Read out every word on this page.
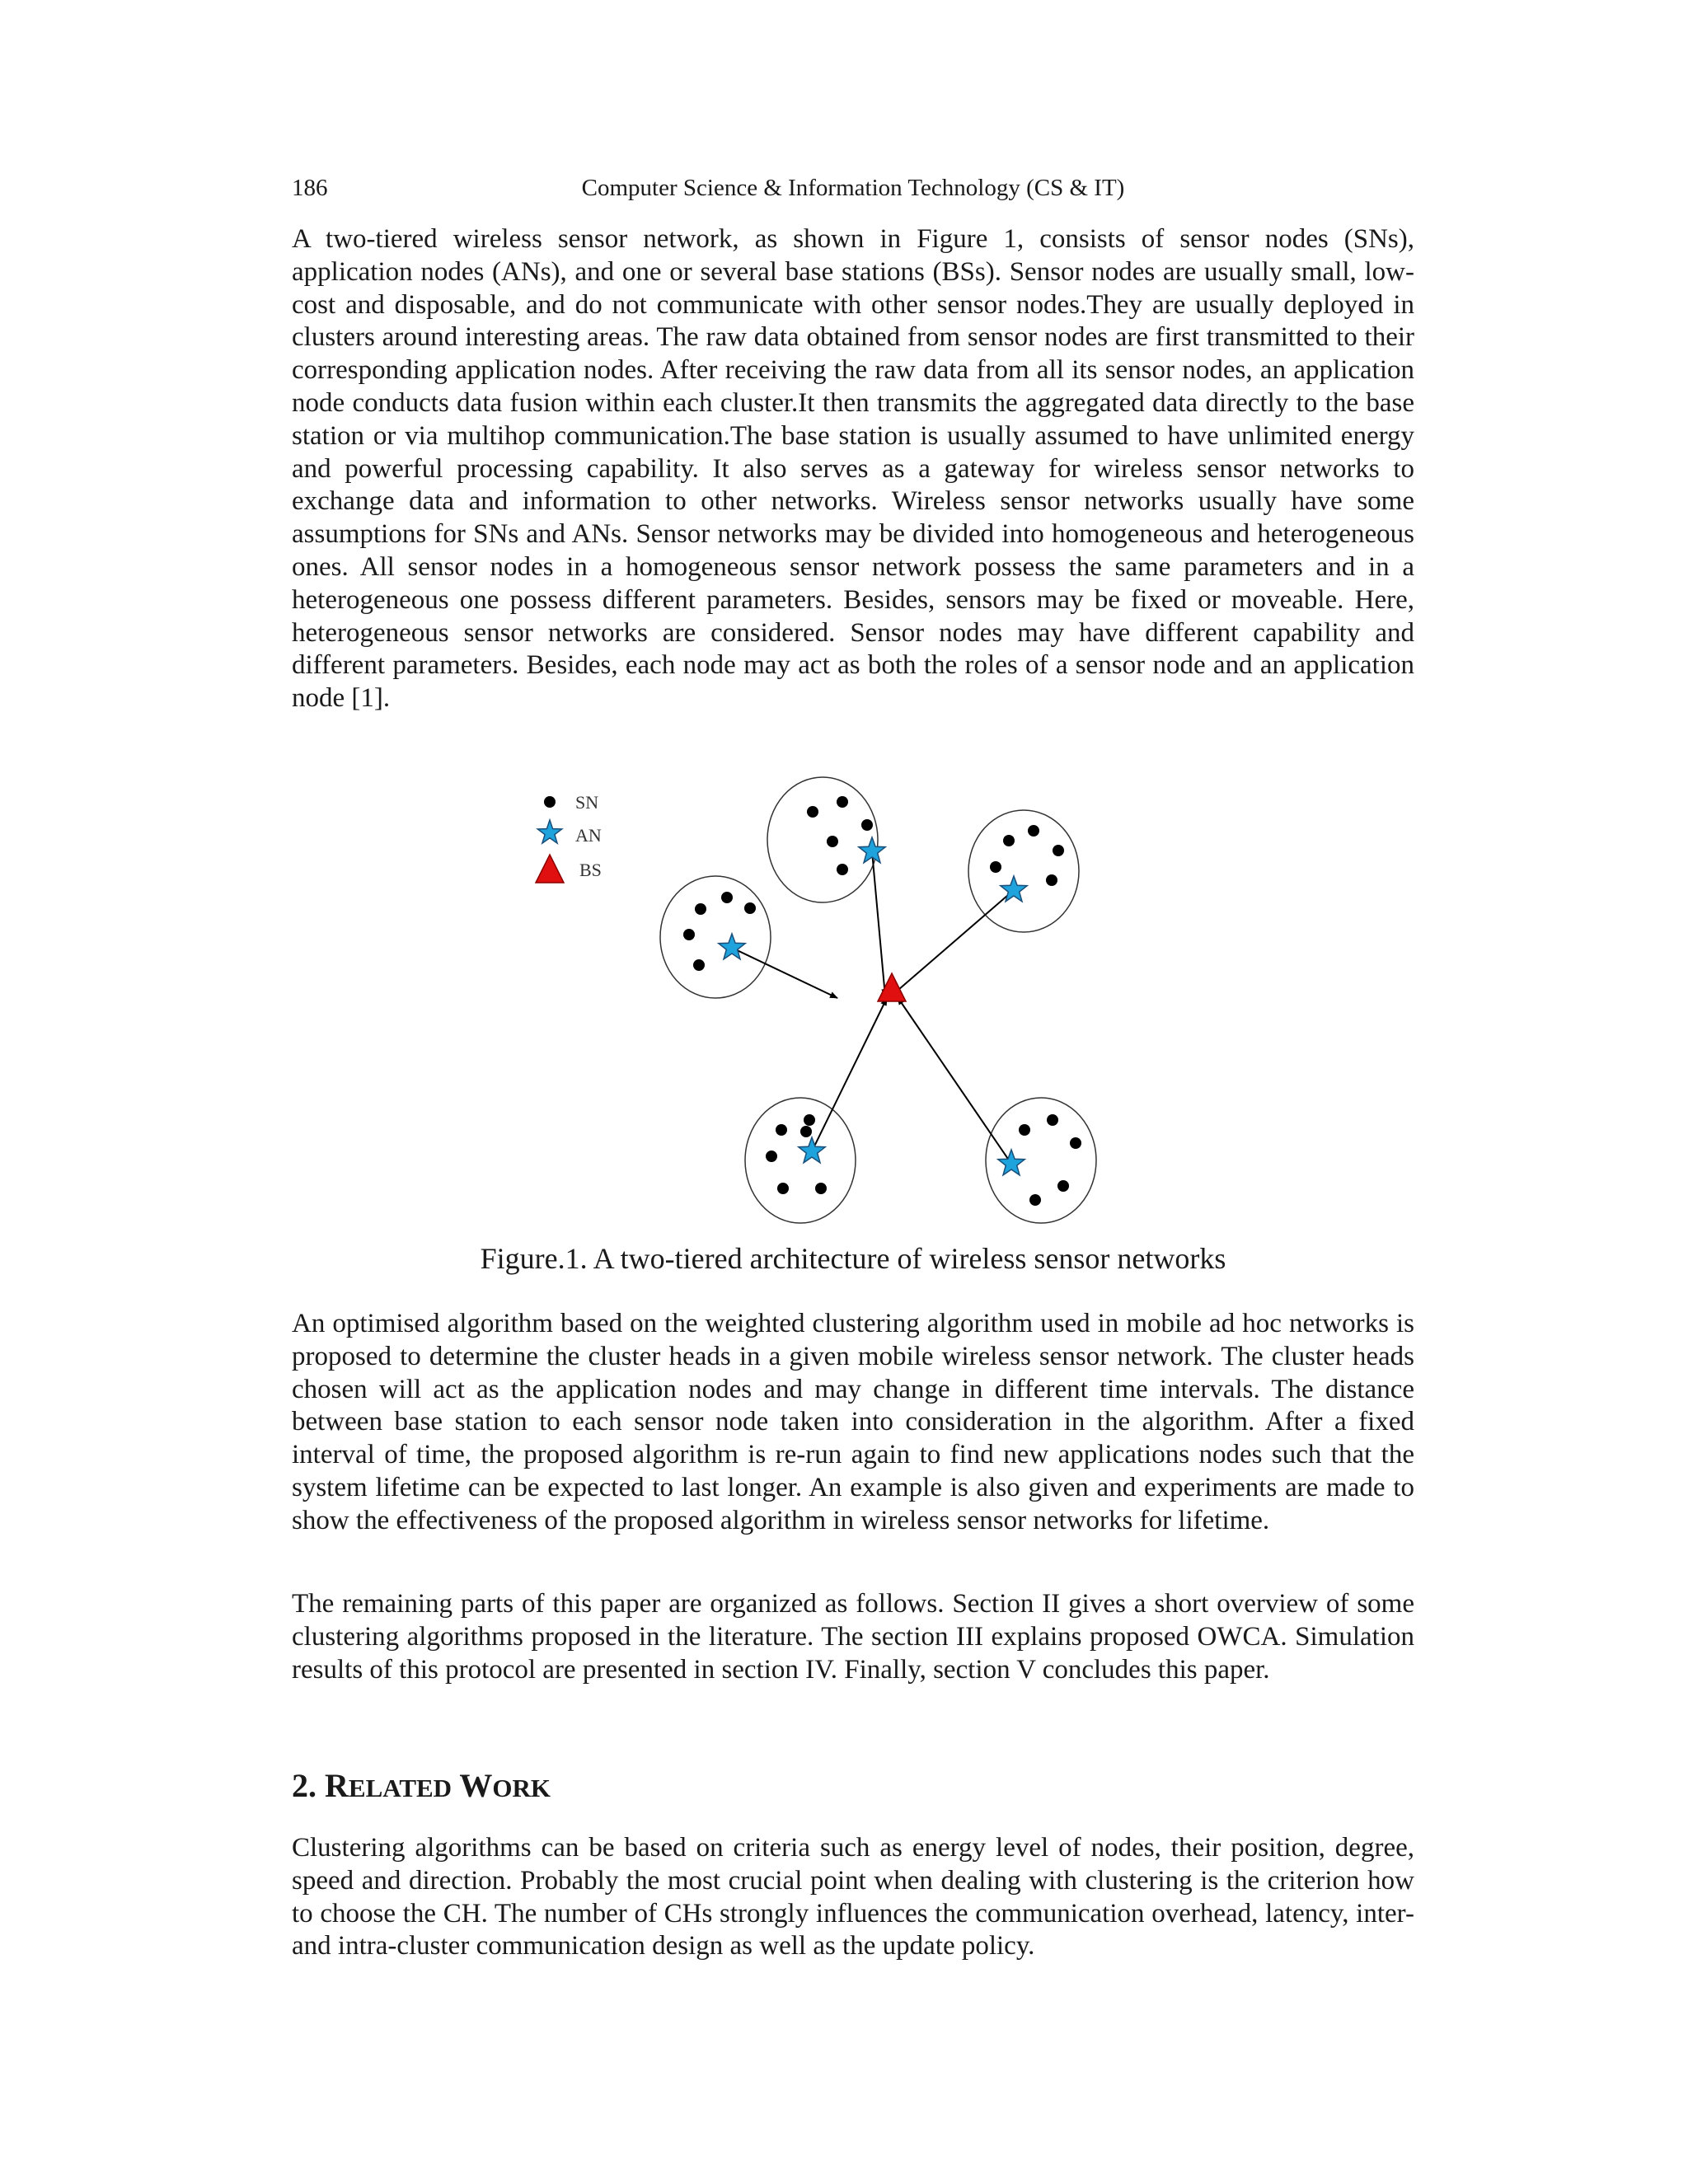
186	Computer Science & Information Technology (CS & IT)

A two-tiered wireless sensor network, as shown in Figure 1, consists of sensor nodes (SNs), application nodes (ANs), and one or several base stations (BSs). Sensor nodes are usually small, low-cost and disposable, and do not communicate with other sensor nodes.They are usually deployed in clusters around interesting areas. The raw data obtained from sensor nodes are first transmitted to their corresponding application nodes. After receiving the raw data from all its sensor nodes, an application node conducts data fusion within each cluster.It then transmits the aggregated data directly to the base station or via multihop communication.The base station is usually assumed to have unlimited energy and powerful processing capability. It also serves as a gateway for wireless sensor networks to exchange data and information to other networks. Wireless sensor networks usually have some assumptions for SNs and ANs. Sensor networks may be divided into homogeneous and heterogeneous ones. All sensor nodes in a homogeneous sensor network possess the same parameters and in a heterogeneous one possess different parameters. Besides, sensors may be fixed or moveable. Here, heterogeneous sensor networks are considered. Sensor nodes may have different capability and different parameters. Besides, each node may act as both the roles of a sensor node and an application node [1].

SN
AN
BS
Figure.1. A two-tiered architecture of wireless sensor networks

An optimised algorithm based on the weighted clustering algorithm used in mobile ad hoc networks is proposed to determine the cluster heads in a given mobile wireless sensor network. The cluster heads chosen will act as the application nodes and may change in different time intervals. The distance between base station to each sensor node taken into consideration in the algorithm. After a fixed interval of time, the proposed algorithm is re-run again to find new applications nodes such that the system lifetime can be expected to last longer. An example is also given and experiments are made to show the effectiveness of the proposed algorithm in wireless sensor networks for lifetime.

The remaining parts of this paper are organized as follows. Section II gives a short overview of some clustering algorithms proposed in the literature. The section III explains proposed OWCA. Simulation results of this protocol are presented in section IV. Finally, section V concludes this paper.

2. RELATED WORK

Clustering algorithms can be based on criteria such as energy level of nodes, their position, degree, speed and direction. Probably the most crucial point when dealing with clustering is the criterion how to choose the CH. The number of CHs strongly influences the communication overhead, latency, inter- and intra-cluster communication design as well as the update policy.
